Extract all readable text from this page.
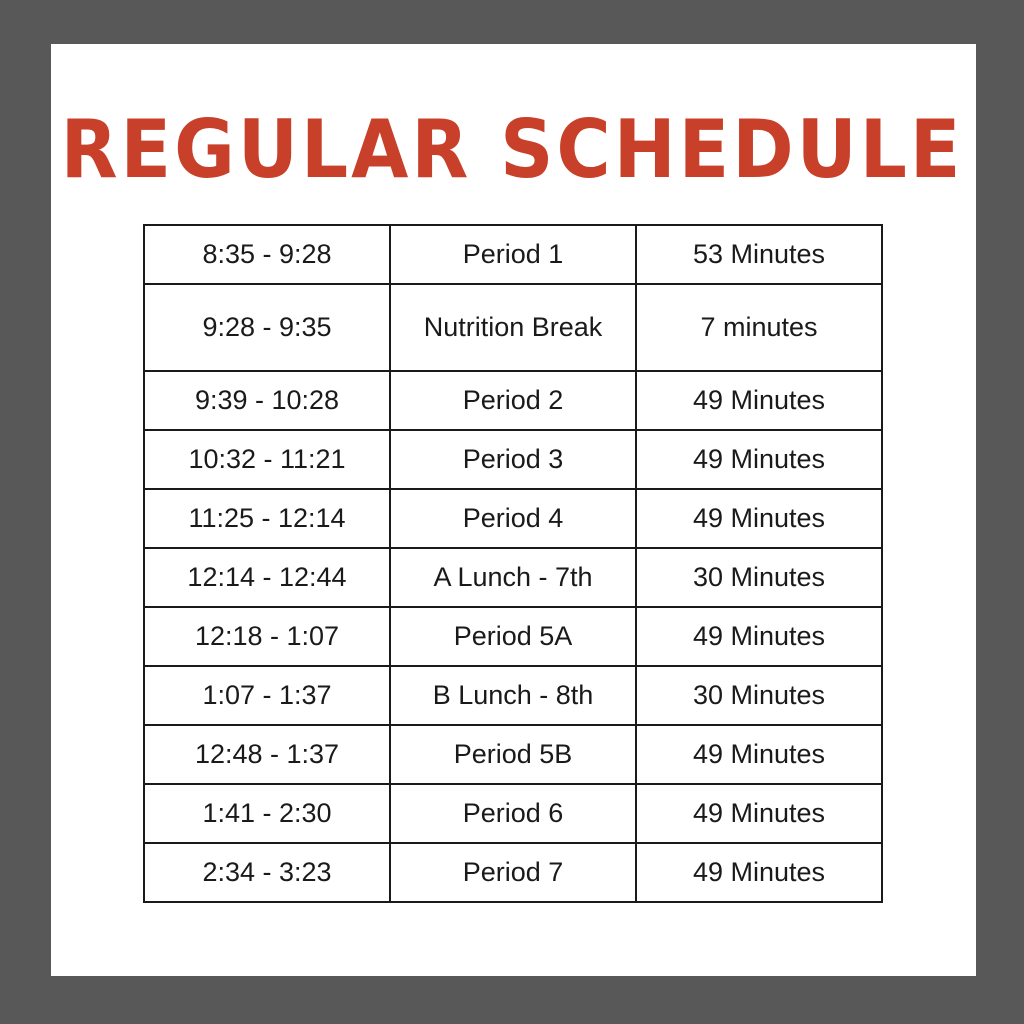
REGULAR SCHEDULE
8:35 - 9:28	Period 1	53 Minutes
9:28 - 9:35	Nutrition Break	7 minutes
9:39 - 10:28	Period 2	49 Minutes
10:32 - 11:21	Period 3	49 Minutes
11:25 - 12:14	Period 4	49 Minutes
12:14 - 12:44	A Lunch - 7th	30 Minutes
12:18 - 1:07	Period 5A	49 Minutes
1:07 - 1:37	B Lunch - 8th	30 Minutes
12:48 - 1:37	Period 5B	49 Minutes
1:41 - 2:30	Period 6	49 Minutes
2:34 - 3:23	Period 7	49 Minutes
